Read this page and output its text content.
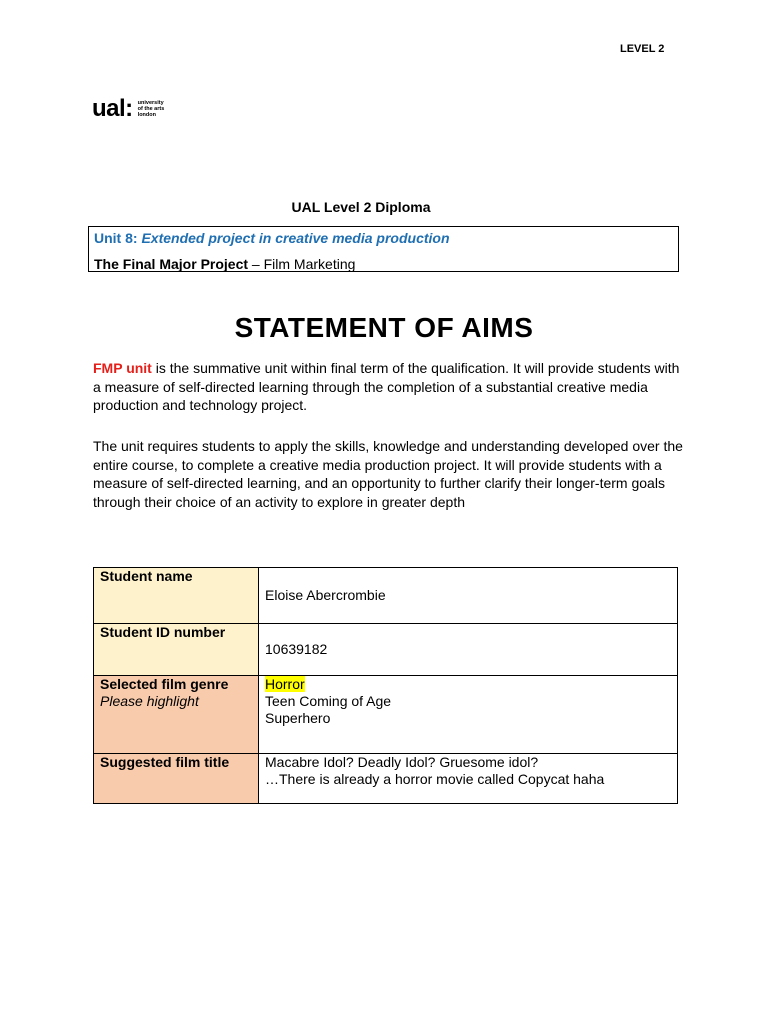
LEVEL 2
ual: university
of the arts
london
UAL Level 2 Diploma
Unit 8: Extended project in creative media production
The Final Major Project – Film Marketing
STATEMENT OF AIMS
FMP unit is the summative unit within final term of the qualification. It will provide students with a measure of self-directed learning through the completion of a substantial creative media production and technology project.
The unit requires students to apply the skills, knowledge and understanding developed over the entire course, to complete a creative media production project. It will provide students with a measure of self-directed learning, and an opportunity to further clarify their longer-term goals through their choice of an activity to explore in greater depth
Student name	Eloise Abercrombie
Student ID number	10639182
Selected film genre
Please highlight	Horror
Teen Coming of Age
Superhero
Suggested film title	Macabre Idol? Deadly Idol? Gruesome idol?
…There is already a horror movie called Copycat haha
